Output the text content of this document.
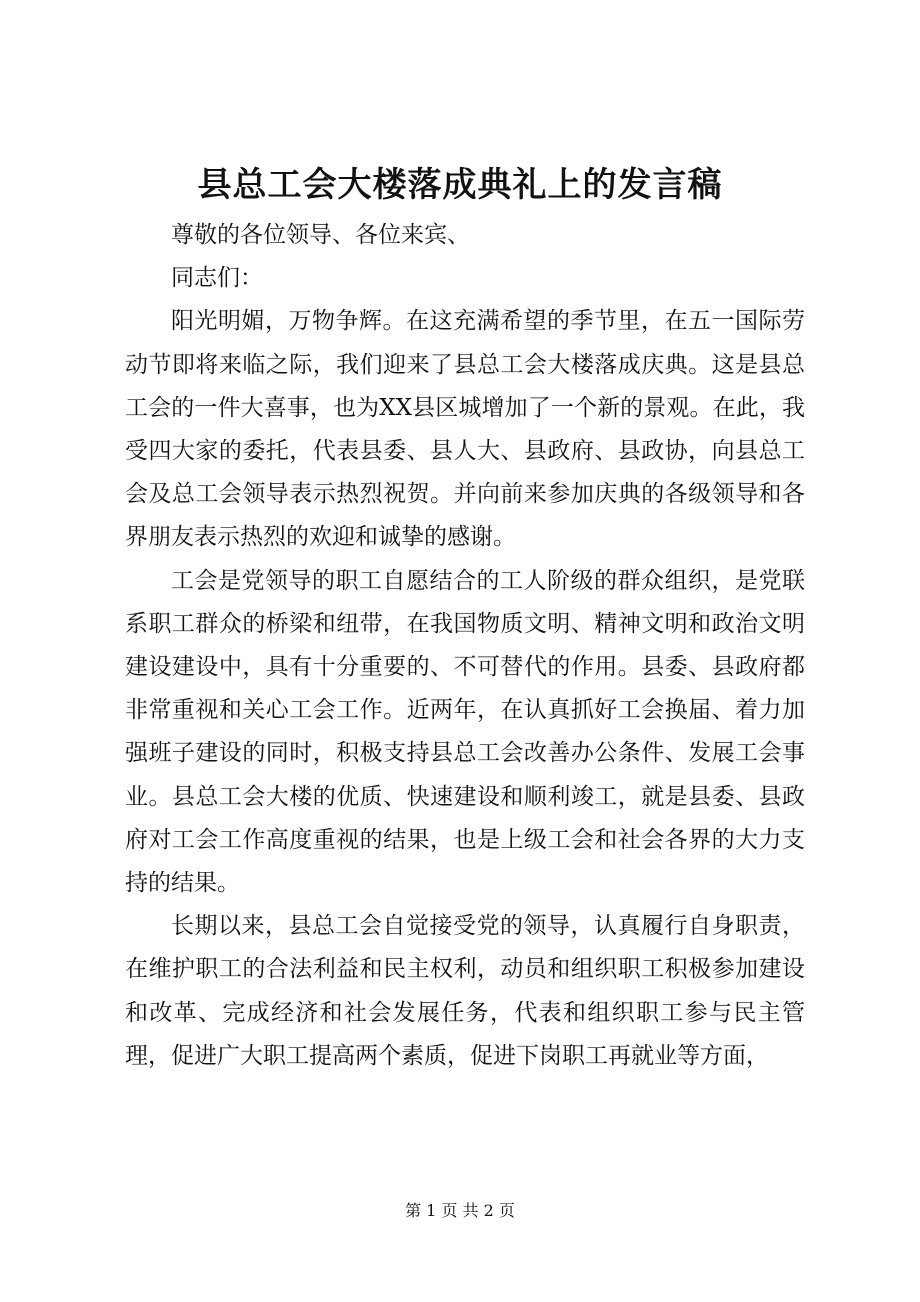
县总工会大楼落成典礼上的发言稿

尊敬的各位领导、各位来宾、

同志们：

阳光明媚，万物争辉。在这充满希望的季节里，在五一国际劳动节即将来临之际，我们迎来了县总工会大楼落成庆典。这是县总工会的一件大喜事，也为XX县区城增加了一个新的景观。在此，我受四大家的委托，代表县委、县人大、县政府、县政协，向县总工会及总工会领导表示热烈祝贺。并向前来参加庆典的各级领导和各界朋友表示热烈的欢迎和诚挚的感谢。

工会是党领导的职工自愿结合的工人阶级的群众组织，是党联系职工群众的桥梁和纽带，在我国物质文明、精神文明和政治文明建设建设中，具有十分重要的、不可替代的作用。县委、县政府都非常重视和关心工会工作。近两年，在认真抓好工会换届、着力加强班子建设的同时，积极支持县总工会改善办公条件、发展工会事业。县总工会大楼的优质、快速建设和顺利竣工，就是县委、县政府对工会工作高度重视的结果，也是上级工会和社会各界的大力支持的结果。

长期以来，县总工会自觉接受党的领导，认真履行自身职责，在维护职工的合法利益和民主权利，动员和组织职工积极参加建设和改革、完成经济和社会发展任务，代表和组织职工参与民主管理，促进广大职工提高两个素质，促进下岗职工再就业等方面，

第 1 页 共 2 页
